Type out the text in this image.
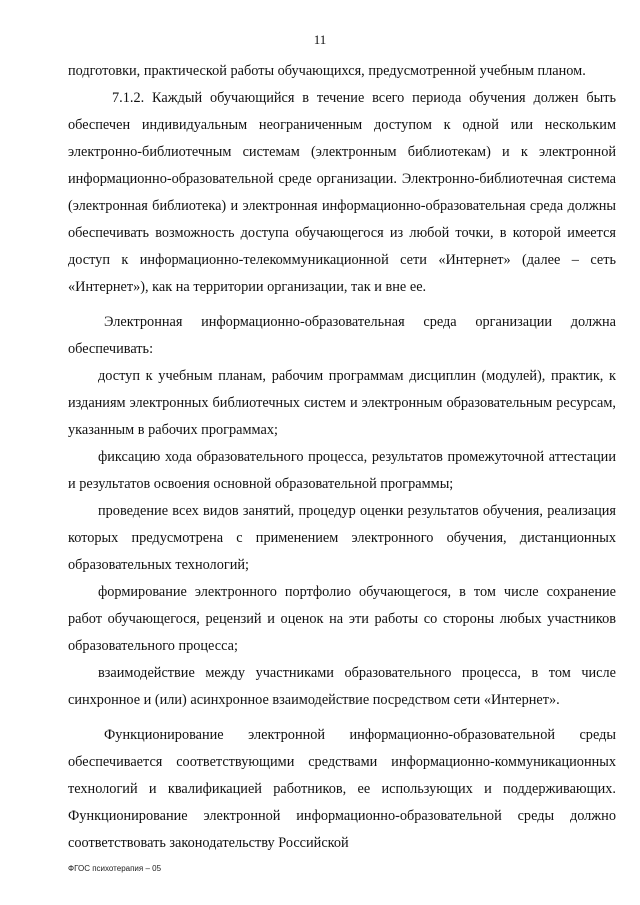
11

подготовки, практической работы обучающихся, предусмотренной учебным планом.

7.1.2. Каждый обучающийся в течение всего периода обучения должен быть обеспечен индивидуальным неограниченным доступом к одной или нескольким электронно-библиотечным системам (электронным библиотекам) и к электронной информационно-образовательной среде организации. Электронно-библиотечная система (электронная библиотека) и электронная информационно-образовательная среда должны обеспечивать возможность доступа обучающегося из любой точки, в которой имеется доступ к информационно-телекоммуникационной сети «Интернет» (далее – сеть «Интернет»), как на территории организации, так и вне ее.

Электронная информационно-образовательная среда организации должна обеспечивать:

доступ к учебным планам, рабочим программам дисциплин (модулей), практик, к изданиям электронных библиотечных систем и электронным образовательным ресурсам, указанным в рабочих программах;

фиксацию хода образовательного процесса, результатов промежуточной аттестации и результатов освоения основной образовательной программы;

проведение всех видов занятий, процедур оценки результатов обучения, реализация которых предусмотрена с применением электронного обучения, дистанционных образовательных технологий;

формирование электронного портфолио обучающегося, в том числе сохранение работ обучающегося, рецензий и оценок на эти работы со стороны любых участников образовательного процесса;

взаимодействие между участниками образовательного процесса, в том числе синхронное и (или) асинхронное взаимодействие посредством сети «Интернет».

Функционирование электронной информационно-образовательной среды обеспечивается соответствующими средствами информационно-коммуникационных технологий и квалификацией работников, ее использующих и поддерживающих. Функционирование электронной информационно-образовательной среды должно соответствовать законодательству Российской

ФГОС психотерапия – 05
